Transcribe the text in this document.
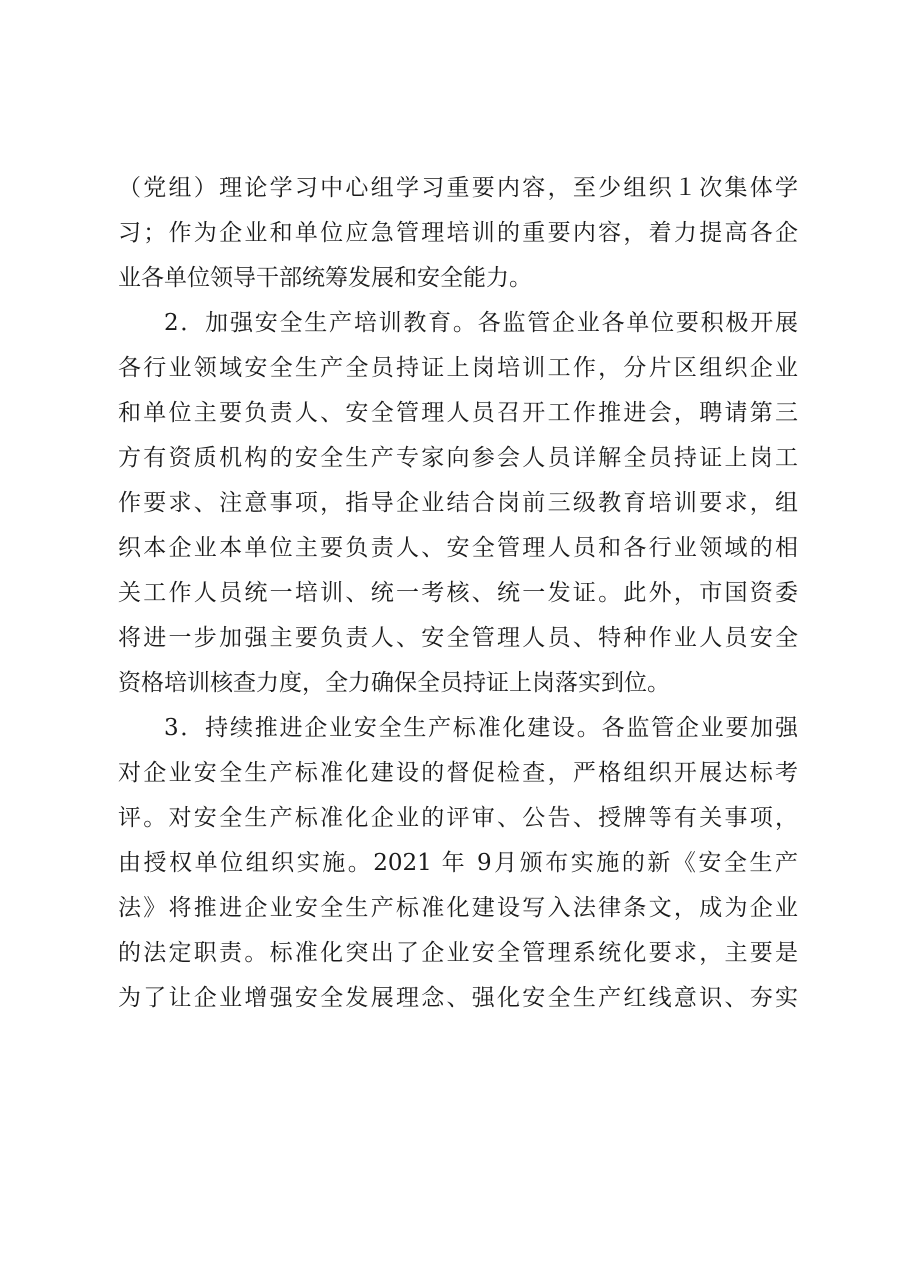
（党组）理论学习中心组学习重要内容，至少组织１次集体学
习；作为企业和单位应急管理培训的重要内容，着力提高各企
业各单位领导干部统筹发展和安全能力。
2．加强安全生产培训教育。各监管企业各单位要积极开展
各行业领域安全生产全员持证上岗培训工作，分片区组织企业
和单位主要负责人、安全管理人员召开工作推进会，聘请第三
方有资质机构的安全生产专家向参会人员详解全员持证上岗工
作要求、注意事项，指导企业结合岗前三级教育培训要求，组
织本企业本单位主要负责人、安全管理人员和各行业领域的相
关工作人员统一培训、统一考核、统一发证。此外，市国资委
将进一步加强主要负责人、安全管理人员、特种作业人员安全
资格培训核查力度，全力确保全员持证上岗落实到位。
3．持续推进企业安全生产标准化建设。各监管企业要加强
对企业安全生产标准化建设的督促检查，严格组织开展达标考
评。对安全生产标准化企业的评审、公告、授牌等有关事项，
由授权单位组织实施。2021 年 9月颁布实施的新《安全生产
法》将推进企业安全生产标准化建设写入法律条文，成为企业
的法定职责。标准化突出了企业安全管理系统化要求，主要是
为了让企业增强安全发展理念、强化安全生产红线意识、夯实
